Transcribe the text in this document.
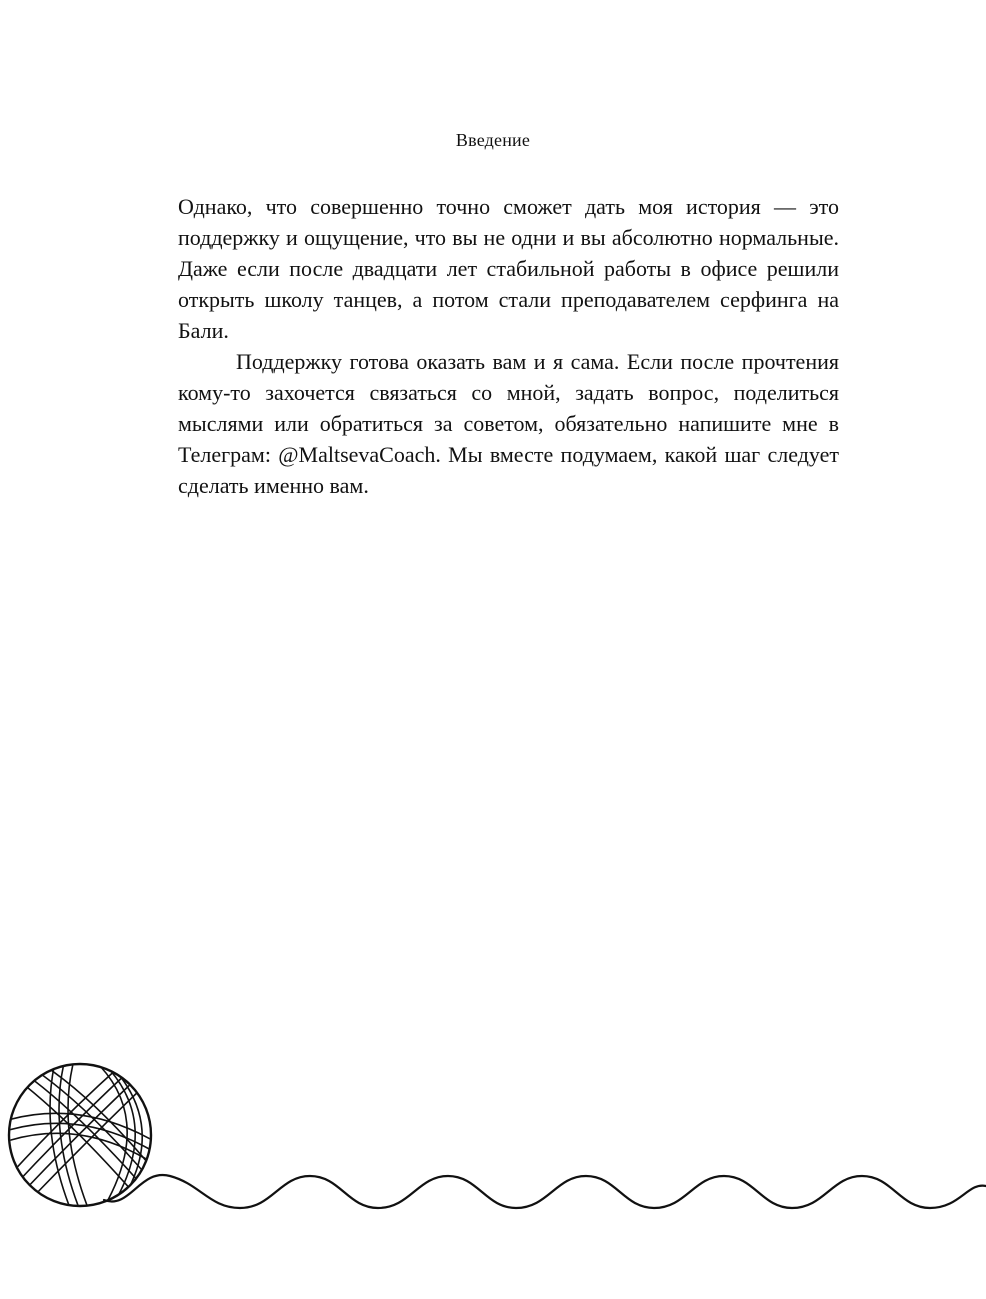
Введение

Однако, что совершенно точно сможет дать моя история — это поддержку и ощущение, что вы не одни и вы абсолютно нормальные. Даже если после двадцати лет стабильной работы в офисе решили открыть школу танцев, а потом стали преподавателем серфинга на Бали.

Поддержку готова оказать вам и я сама. Если после прочтения кому-то захочется связаться со мной, задать вопрос, поделиться мыслями или обратиться за советом, обязательно напишите мне в Телеграм: @MaltsevaCoach. Мы вместе подумаем, какой шаг следует сделать именно вам.
